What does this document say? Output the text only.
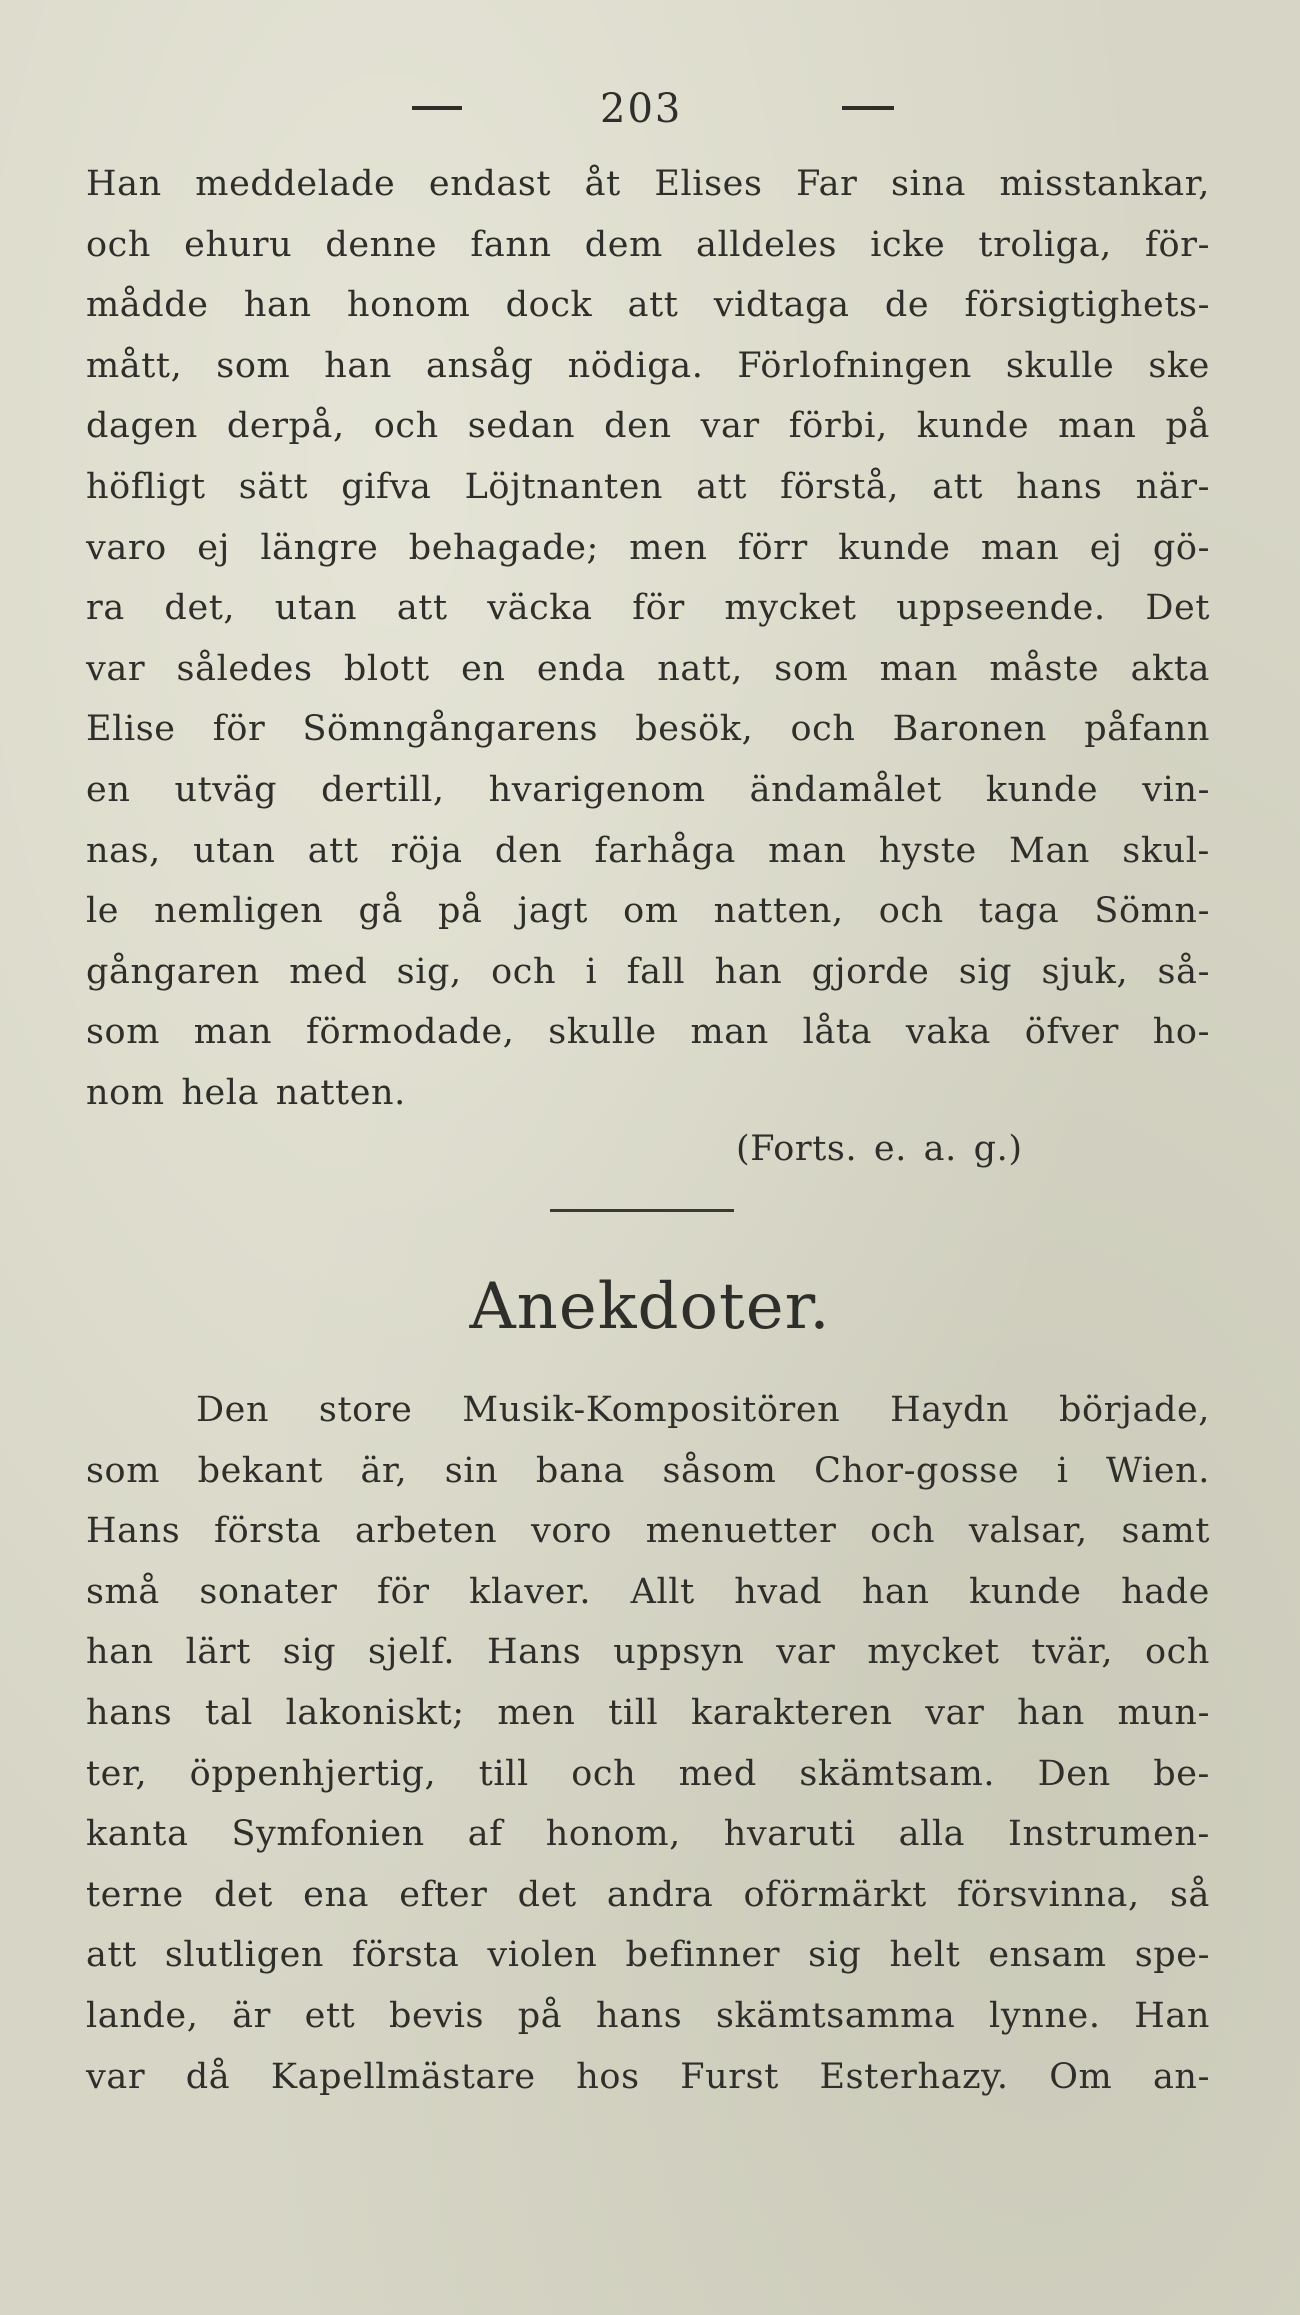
203
Han meddelade endast åt Elises Far sina misstankar,
och ehuru denne fann dem alldeles icke troliga, för-
mådde han honom dock att vidtaga de försigtighets-
mått, som han ansåg nödiga. Förlofningen skulle ske
dagen derpå, och sedan den var förbi, kunde man på
höfligt sätt gifva Löjtnanten att förstå, att hans när-
varo ej längre behagade; men förr kunde man ej gö-
ra det, utan att väcka för mycket uppseende. Det
var således blott en enda natt, som man måste akta
Elise för Sömngångarens besök, och Baronen påfann
en utväg dertill, hvarigenom ändamålet kunde vin-
nas, utan att röja den farhåga man hyste Man skul-
le nemligen gå på jagt om natten, och taga Sömn-
gångaren med sig, och i fall han gjorde sig sjuk, så-
som man förmodade, skulle man låta vaka öfver ho-
nom hela natten.
(Forts. e. a. g.)
Anekdoter.
Den store Musik-Kompositören Haydn började,
som bekant är, sin bana såsom Chor-gosse i Wien.
Hans första arbeten voro menuetter och valsar, samt
små sonater för klaver. Allt hvad han kunde hade
han lärt sig sjelf. Hans uppsyn var mycket tvär, och
hans tal lakoniskt; men till karakteren var han mun-
ter, öppenhjertig, till och med skämtsam. Den be-
kanta Symfonien af honom, hvaruti alla Instrumen-
terne det ena efter det andra oförmärkt försvinna, så
att slutligen första violen befinner sig helt ensam spe-
lande, är ett bevis på hans skämtsamma lynne. Han
var då Kapellmästare hos Furst Esterhazy. Om an-
